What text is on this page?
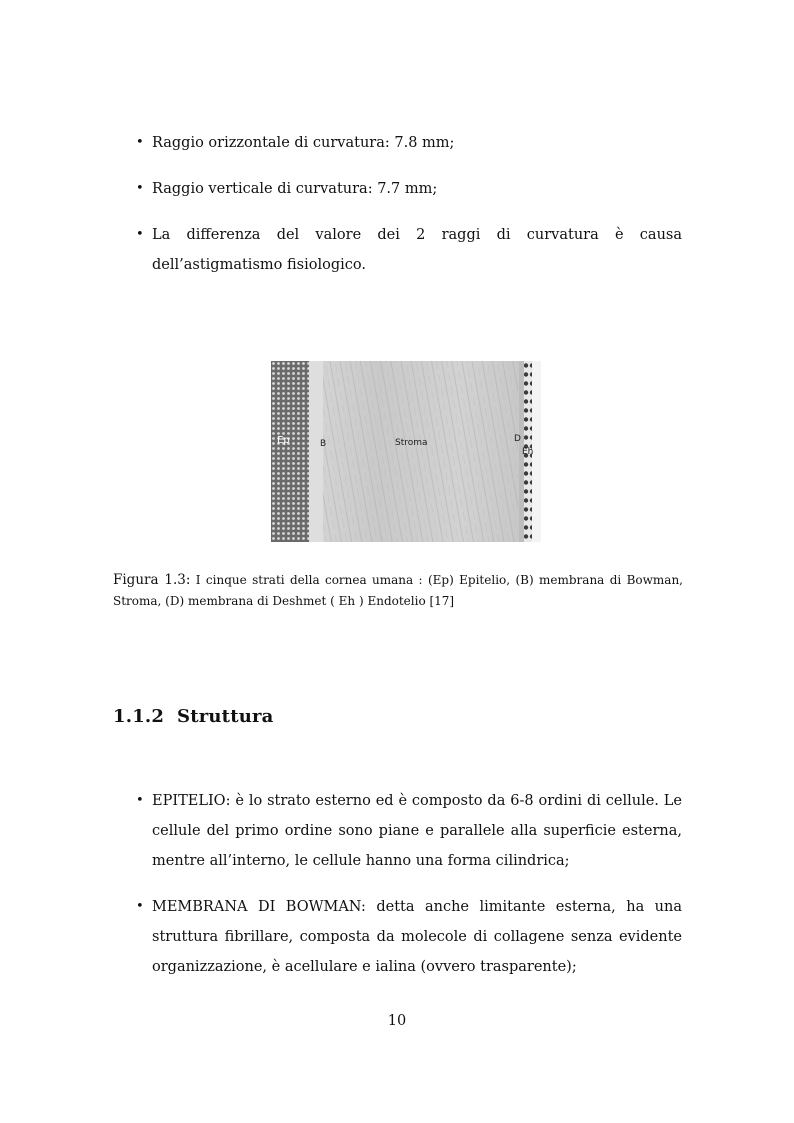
• Raggio orizzontale di curvatura: 7.8 mm;
• Raggio verticale di curvatura: 7.7 mm;
• La differenza del valore dei 2 raggi di curvatura è causa dell’astigmatismo fisiologico.
Ep	B	Stroma	D
Eh
Figura 1.3: I cinque strati della cornea umana : (Ep) Epitelio, (B) membrana di Bowman, Stroma, (D) membrana di Deshmet ( Eh ) Endotelio [17]
1.1.2 Struttura
• EPITELIO: è lo strato esterno ed è composto da 6-8 ordini di cellule. Le cellule del primo ordine sono piane e parallele alla superficie esterna, mentre all’interno, le cellule hanno una forma cilindrica;
• MEMBRANA DI BOWMAN: detta anche limitante esterna, ha una struttura fibrillare, composta da molecole di collagene senza evidente organizzazione, è acellulare e ialina (ovvero trasparente);
10
